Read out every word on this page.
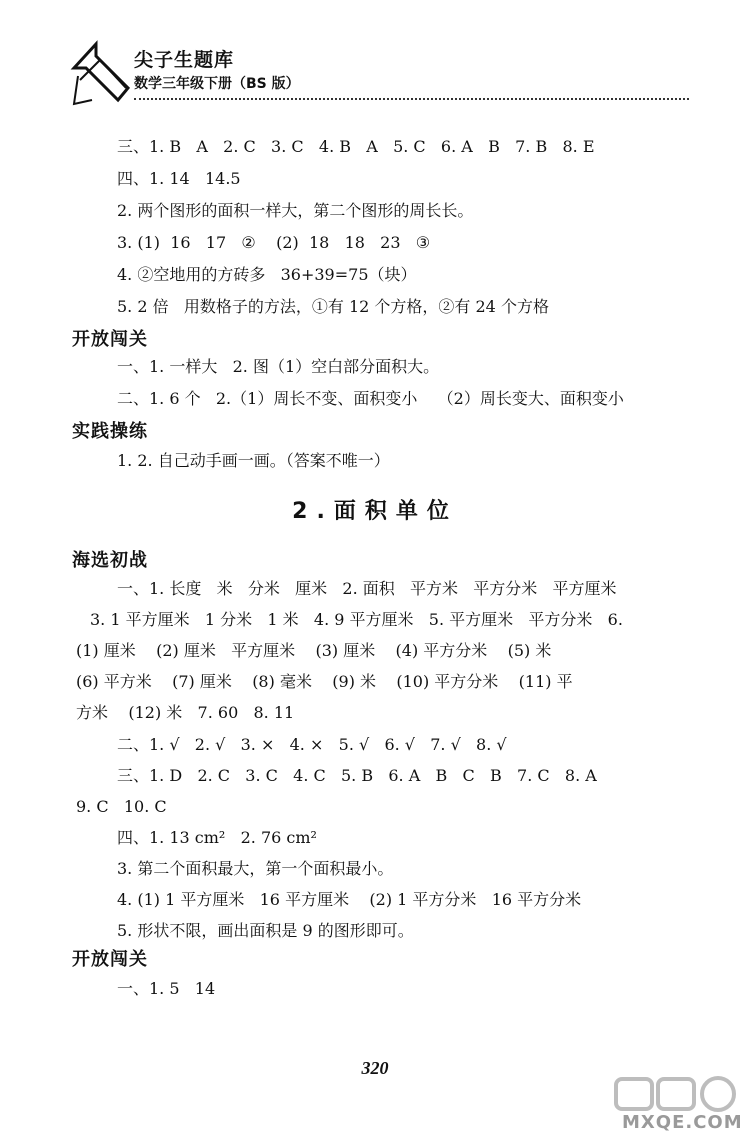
尖子生题库
数学三年级下册（BS 版）
三、1. B   A   2. C   3. C   4. B   A   5. C   6. A   B   7. B   8. E
四、1. 14   14.5
2. 两个图形的面积一样大，第二个图形的周长长。
3. (1)  16   17   ②    (2)  18   18   23   ③
4. ②空地用的方砖多   36+39=75（块）
5. 2 倍   用数格子的方法，①有 12 个方格，②有 24 个方格
开放闯关
一、1. 一样大   2. 图（1）空白部分面积大。
二、1. 6 个   2.（1）周长不变、面积变小    （2）周长变大、面积变小
实践操练
1. 2. 自己动手画一画。（答案不唯一）
2.面积单位
海选初战
一、1. 长度   米   分米   厘米   2. 面积   平方米   平方分米   平方厘米
3. 1 平方厘米   1 分米   1 米   4. 9 平方厘米   5. 平方厘米   平方分米   6.
(1) 厘米    (2) 厘米   平方厘米    (3) 厘米    (4) 平方分米    (5) 米
(6) 平方米    (7) 厘米    (8) 毫米    (9) 米    (10) 平方分米    (11) 平
方米    (12) 米   7. 60   8. 11
二、1. √   2. √   3. ×   4. ×   5. √   6. √   7. √   8. √
三、1. D   2. C   3. C   4. C   5. B   6. A   B   C   B   7. C   8. A
9. C   10. C
四、1. 13 cm²   2. 76 cm²
3. 第二个面积最大，第一个面积最小。
4. (1) 1 平方厘米   16 平方厘米    (2) 1 平方分米   16 平方分米
5. 形状不限，画出面积是 9 的图形即可。
开放闯关
一、1. 5   14
320
MXQE.COM
